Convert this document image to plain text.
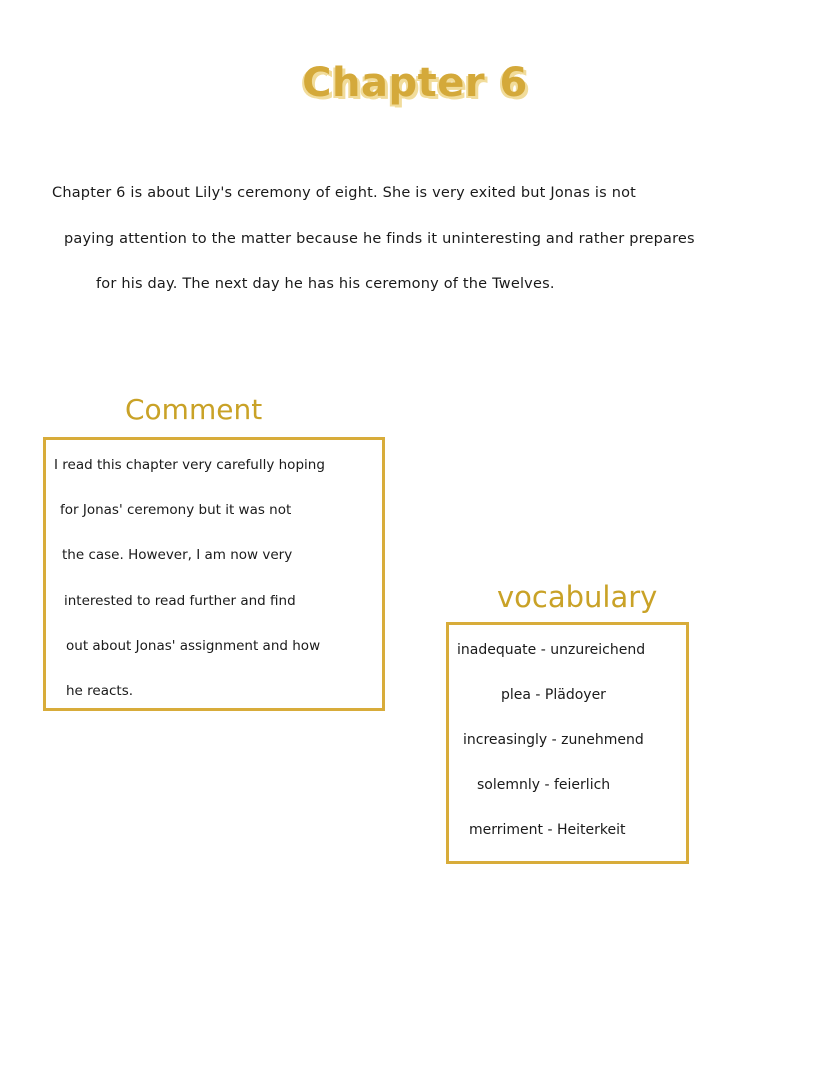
Chapter 6
Chapter 6 is about Lily's ceremony of eight. She is very exited but Jonas is not
paying attention to the matter because he finds it uninteresting and rather prepares
for his day. The next day he has his ceremony of the Twelves.
Comment
I read this chapter very carefully hoping
for Jonas' ceremony but it was not
the case. However, I am now very
interested to read further and find
out about Jonas' assignment and how
he reacts.
vocabulary
inadequate - unzureichend
plea - Plädoyer
increasingly - zunehmend
solemnly - feierlich
merriment - Heiterkeit
